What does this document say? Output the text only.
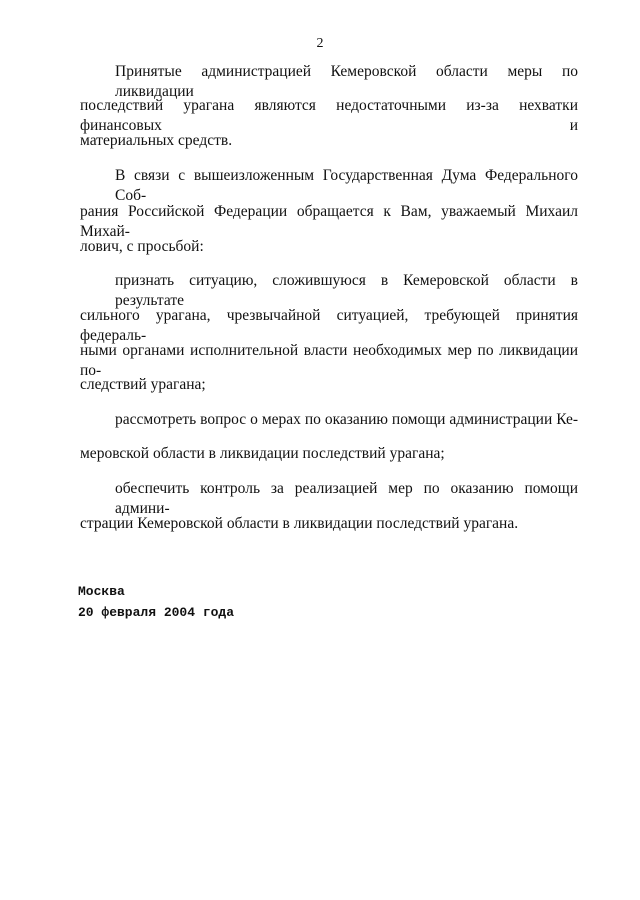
2
Принятые администрацией Кемеровской области меры по ликвидации
последствий урагана являются недостаточными из-за нехватки финансовых и
материальных средств.
В связи с вышеизложенным Государственная Дума Федерального Соб-
рания Российской Федерации обращается к Вам, уважаемый Михаил Михай-
лович, с просьбой:
признать ситуацию, сложившуюся в Кемеровской области в результате
сильного урагана, чрезвычайной ситуацией, требующей принятия федераль-
ными органами исполнительной власти необходимых мер по ликвидации по-
следствий урагана;
рассмотреть вопрос о мерах по оказанию помощи администрации Ке-
меровской области в ликвидации последствий урагана;
обеспечить контроль за реализацией мер по оказанию помощи админи-
страции Кемеровской области в ликвидации последствий урагана.
Москва
20 февраля 2004 года
